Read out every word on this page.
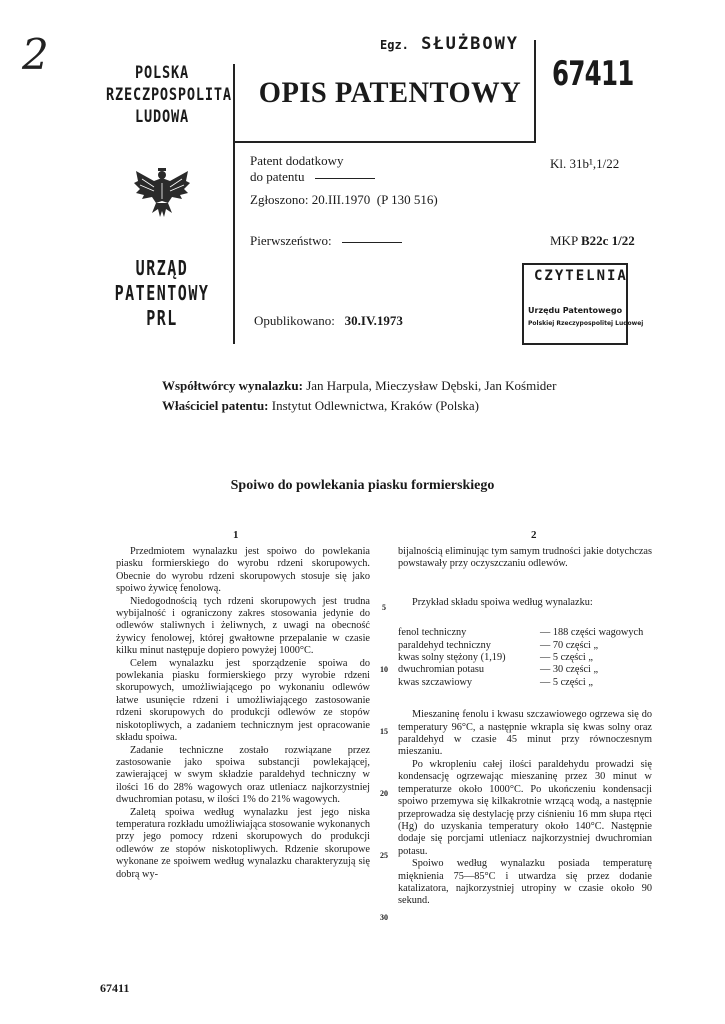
2	POLSKA
RZECZPOSPOLITA
LUDOWA
URZĄD
PATENTOWY
PRL
Egz. SŁUŻBOWY
OPIS PATENTOWY 67411
Patent dodatkowy
do patentu
Kl. 31b¹,1/22
Zgłoszono: 20.III.1970 (P 130 516)
Pierwszeństwo:	MKP B22c 1/22
CZYTELNIA
Urzędu Patentowego
Polskiej Rzeczypospolitej Ludowej
Opublikowano: 30.IV.1973
Współtwórcy wynalazku: Jan Harpula, Mieczysław Dębski, Jan Kośmider
Właściciel patentu: Instytut Odlewnictwa, Kraków (Polska)
Spoiwo do powlekania piasku formierskiego
1	2

Przedmiotem wynalazku jest spoiwo do powlekania piasku formierskiego do wyrobu rdzeni skorupowych. Obecnie do wyrobu rdzeni skorupowych stosuje się jako spoiwo żywicę fenolową.

Niedogodnością tych rdzeni skorupowych jest trudna wybijalność i ograniczony zakres stosowania jedynie do odlewów staliwnych i żeliwnych, z uwagi na obecność żywicy fenolowej, której gwałtowne przepalanie w czasie kilku minut następuje dopiero powyżej 1000°C.

Celem wynalazku jest sporządzenie spoiwa do powlekania piasku formierskiego przy wyrobie rdzeni skorupowych, umożliwiającego po wykonaniu odlewów łatwe usunięcie rdzeni i umożliwiającego zastosowanie rdzeni skorupowych do produkcji odlewów ze stopów niskotopliwych, a zadaniem technicznym jest opracowanie składu spoiwa.

Zadanie techniczne zostało rozwiązane przez zastosowanie jako spoiwa substancji powlekającej, zawierającej w swym składzie paraldehyd techniczny w ilości 16 do 28% wagowych oraz utleniacz najkorzystniej dwuchromian potasu, w ilości 1% do 21% wagowych.

Zaletą spoiwa według wynalazku jest jego niska temperatura rozkładu umożliwiająca stosowanie wykonanych przy jego pomocy rdzeni skorupowych do produkcji odlewów ze stopów niskotopliwych. Rdzenie skorupowe wykonane ze spoiwem według wynalazku charakteryzują się dobrą wy-

5
10
15
20
25
30

bijalnością eliminując tym samym trudności jakie dotychczas powstawały przy oczyszczaniu odlewów.

Przykład składu spoiwa według wynalazku:

fenol techniczny	— 188 części wagowych
paraldehyd techniczny	— 70 części „
kwas solny stężony (1,19)	— 5 części „
dwuchromian potasu	— 30 części „
kwas szczawiowy	— 5 części „

Mieszaninę fenolu i kwasu szczawiowego ogrzewa się do temperatury 96°C, a następnie wkrapla się kwas solny oraz paraldehyd w czasie 45 minut przy równoczesnym mieszaniu.

Po wkropleniu całej ilości paraldehydu prowadzi się kondensację ogrzewając mieszaninę przez 30 minut w temperaturze około 1000°C. Po ukończeniu kondensacji spoiwo przemywa się kilkakrotnie wrzącą wodą, a następnie przeprowadza się destylację przy ciśnieniu 16 mm słupa rtęci (Hg) do uzyskania temperatury około 140°C. Następnie dodaje się porcjami utleniacz najkorzystniej dwuchromian potasu.

Spoiwo według wynalazku posiada temperaturę mięknienia 75—85°C i utwardza się przez dodanie katalizatora, najkorzystniej utropiny w czasie około 90 sekund.

67411
